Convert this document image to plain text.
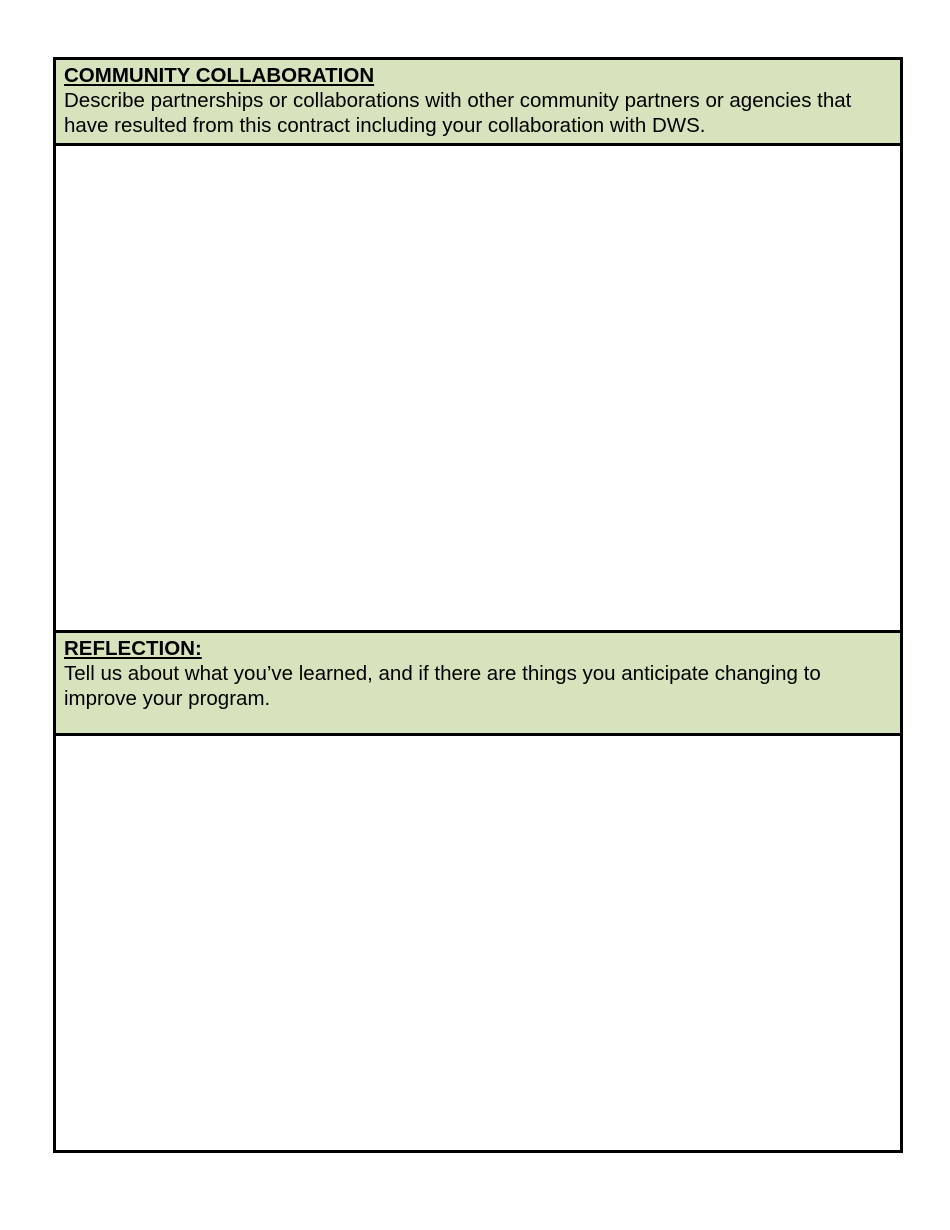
COMMUNITY COLLABORATION

Describe partnerships or collaborations with other community partners or agencies that have resulted from this contract including your collaboration with DWS.

REFLECTION:

Tell us about what you’ve learned, and if there are things you anticipate changing to improve your program.
